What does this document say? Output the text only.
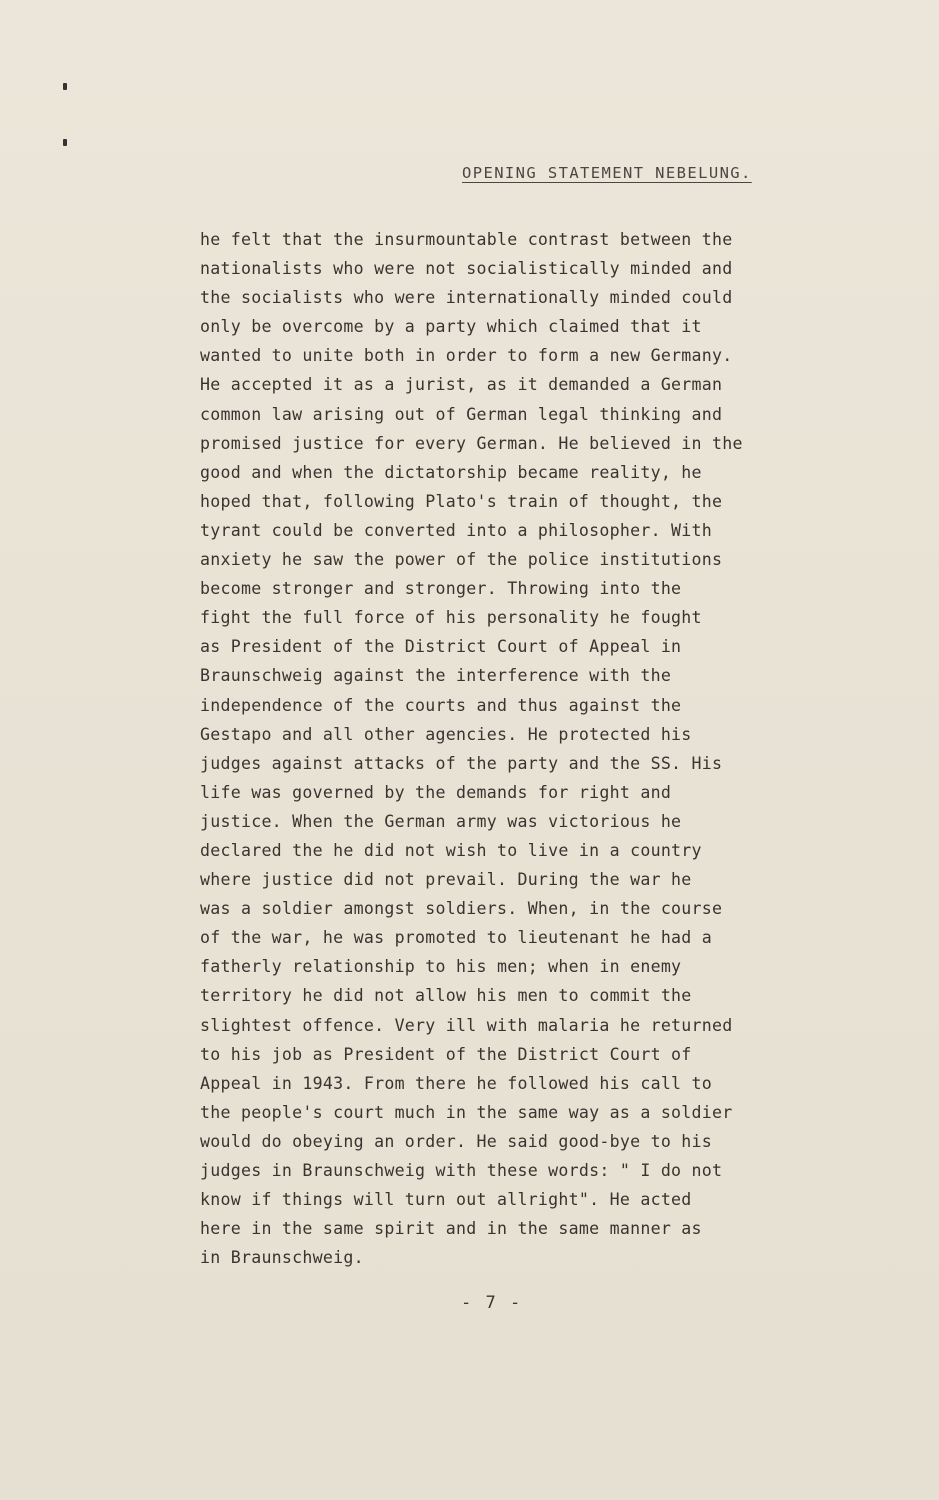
OPENING STATEMENT NEBELUNG.
he felt that the insurmountable contrast between the
nationalists who were not socialistically minded and
the socialists who were internationally minded could
only be overcome by a party which claimed that it
wanted to unite both in order to form a new Germany.
He accepted it as a jurist, as it demanded a German
common law arising out of German legal thinking and
promised justice for every German. He believed in the
good and when the dictatorship became reality, he
hoped that, following Plato's train of thought, the
tyrant could be converted into a philosopher. With
anxiety he saw the power of the police institutions
become stronger and stronger. Throwing into the
fight the full force of his personality he fought
as President of the District Court of Appeal in
Braunschweig against the interference with the
independence of the courts and thus against the
Gestapo and all other agencies. He protected his
judges against attacks of the party and the SS. His
life was governed by the demands for right and
justice. When the German army was victorious he
declared the he did not wish to live in a country
where justice did not prevail. During the war he
was a soldier amongst soldiers. When, in the course
of the war, he was promoted to lieutenant he had a
fatherly relationship to his men; when in enemy
territory he did not allow his men to commit the
slightest offence. Very ill with malaria he returned
to his job as President of the District Court of
Appeal in 1943. From there he followed his call to
the people's court much in the same way as a soldier
would do obeying an order. He said good-bye to his
judges in Braunschweig with these words: " I do not
know if things will turn out allright". He acted
here in the same spirit and in the same manner as
in Braunschweig.
- 7 -
